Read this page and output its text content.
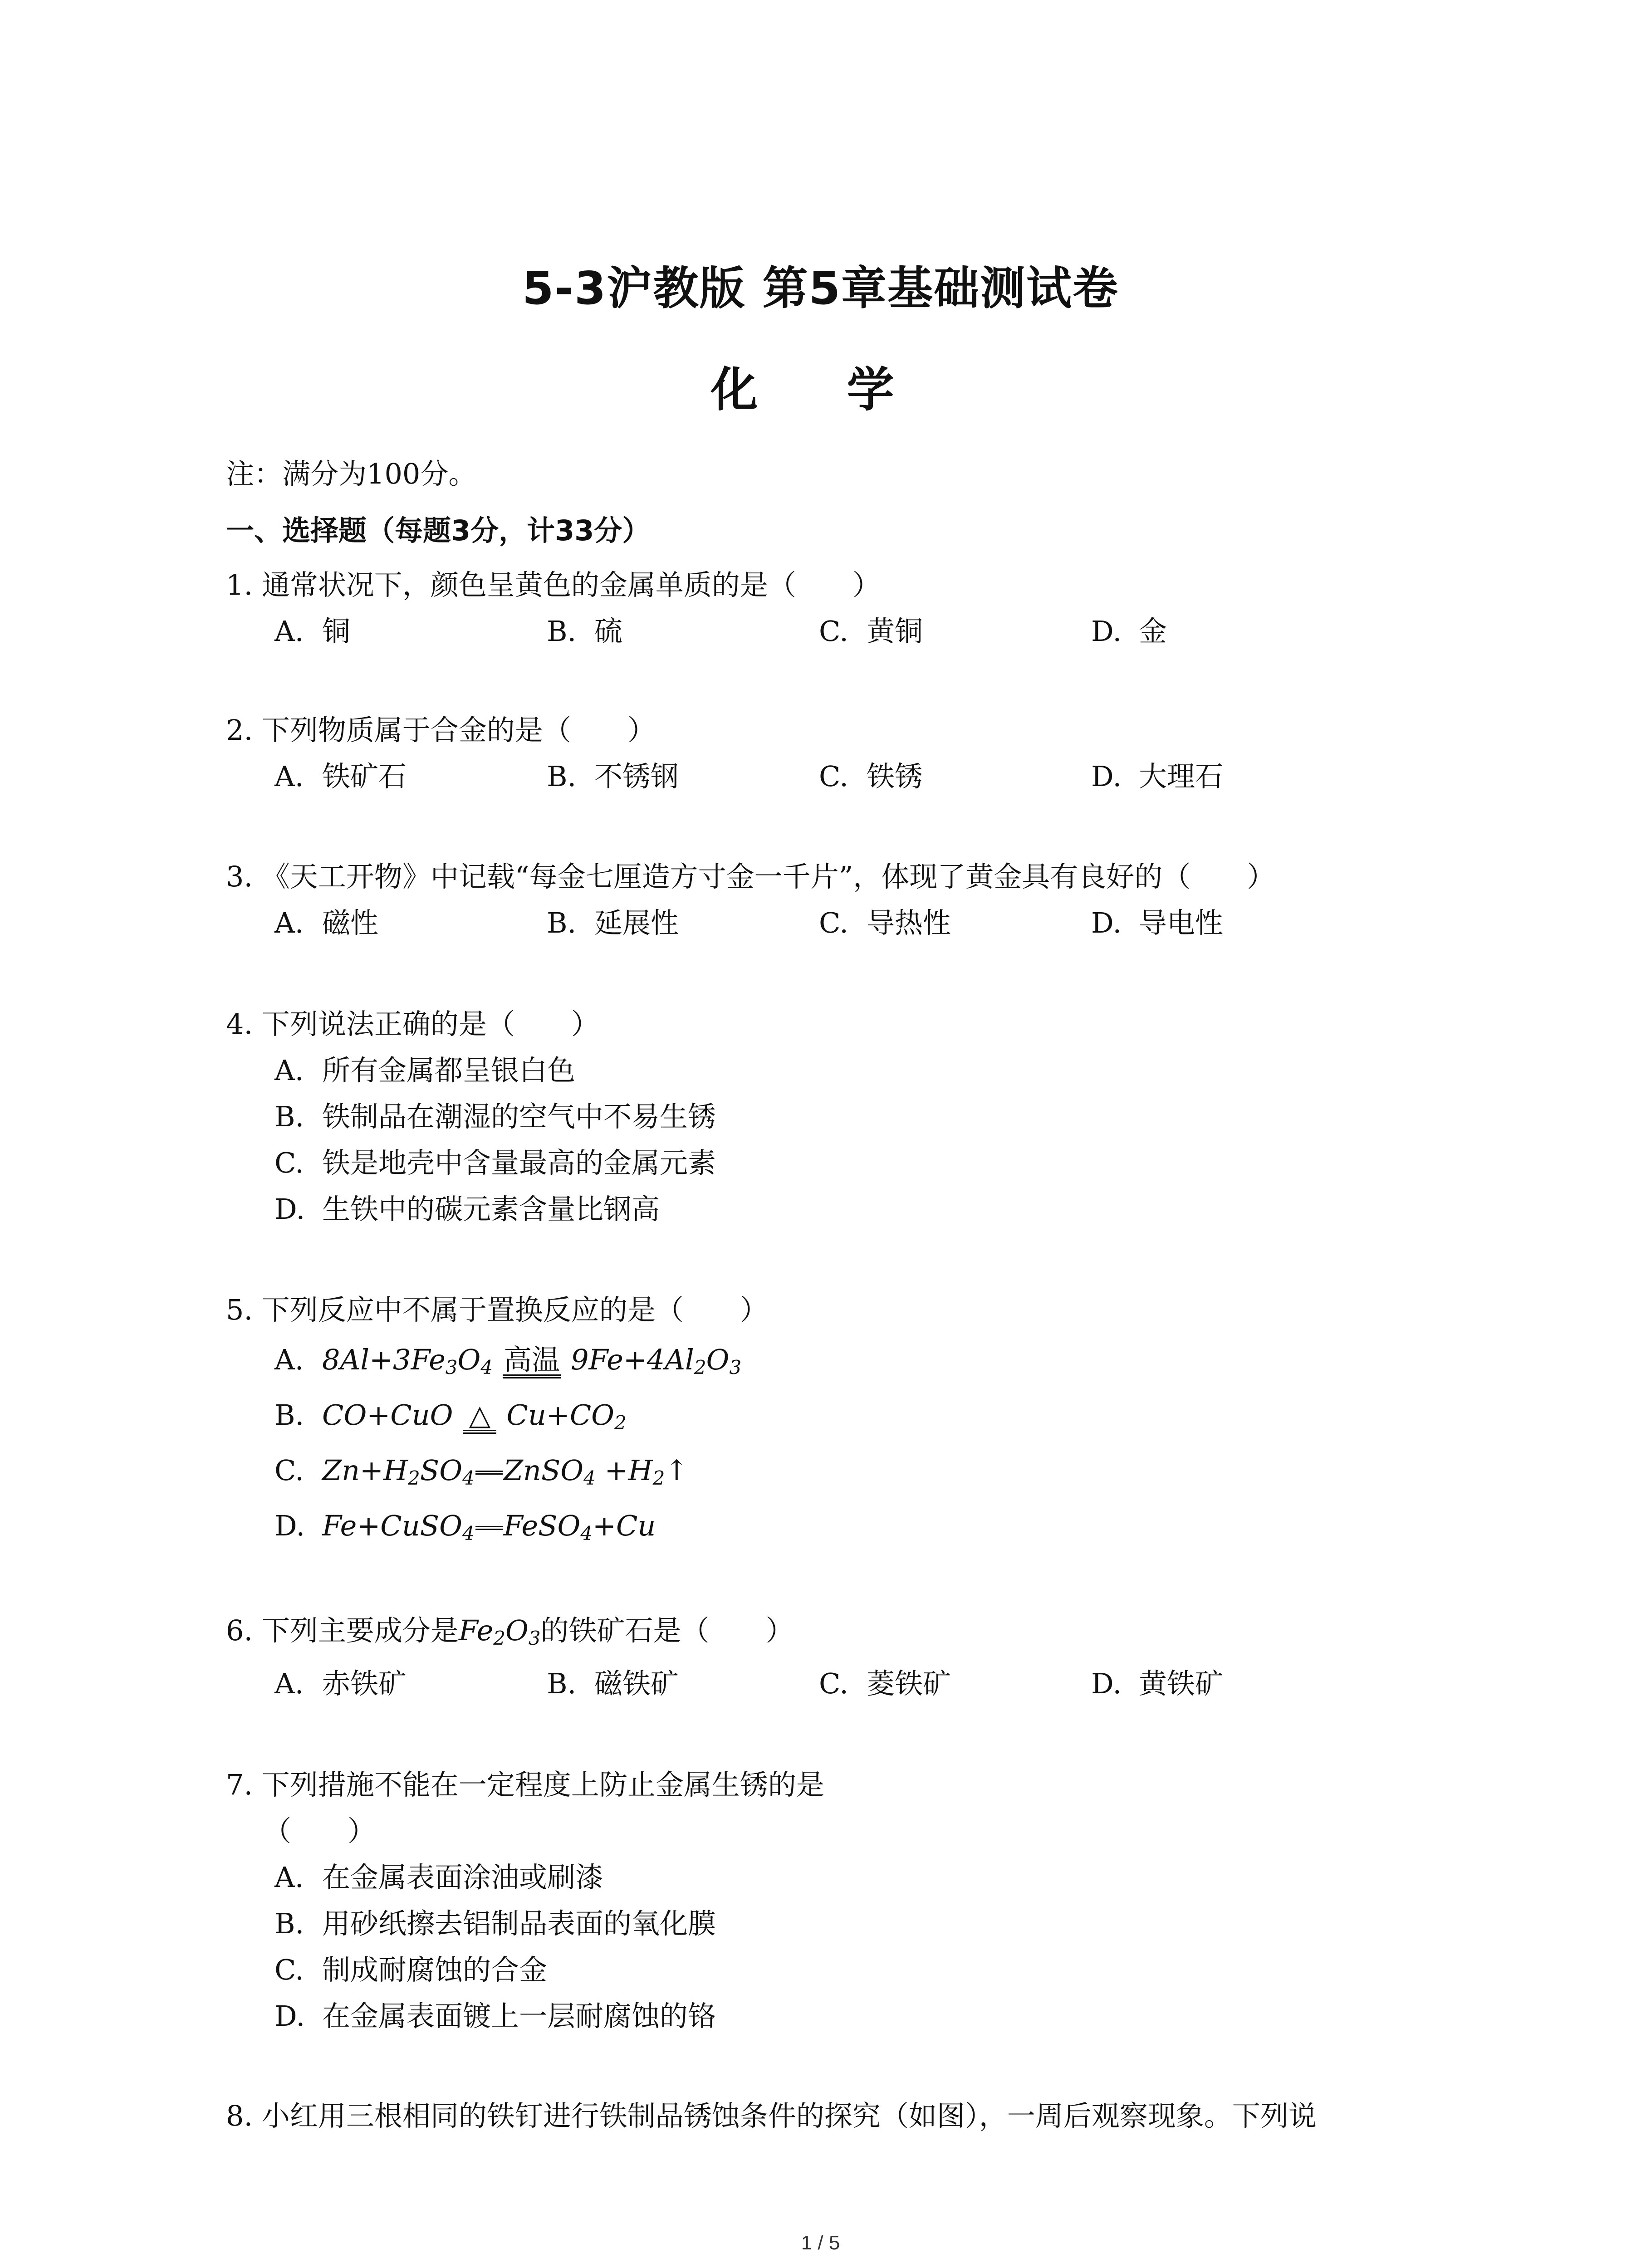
5-3沪教版 第5章基础测试卷
化 学
注：满分为100分。
一、选择题（每题3分，计33分）
1. 通常状况下，颜色呈黄色的金属单质的是（　　）
A. 铜	B. 硫	C. 黄铜	D. 金
2. 下列物质属于合金的是（　　）
A. 铁矿石	B. 不锈钢	C. 铁锈	D. 大理石
3. 《天工开物》中记载“每金七厘造方寸金一千片”，体现了黄金具有良好的（　　）
A. 磁性	B. 延展性	C. 导热性	D. 导电性
4. 下列说法正确的是（　　）
A. 所有金属都呈银白色
B. 铁制品在潮湿的空气中不易生锈
C. 铁是地壳中含量最高的金属元素
D. 生铁中的碳元素含量比钢高
5. 下列反应中不属于置换反应的是（　　）
A. $8Al+3Fe_3O_4$ 高温 $9Fe+4Al_2O_3$
B. CO+CuO △ $Cu+CO_2$
C. $Zn+H_2SO_4$ ZnSO$_4$ $+H_2↑$
D. Fe+CuSO$_4$ FeSO$_4$+Cu
6. 下列主要成分是$Fe_2O_3$的铁矿石是（　　）
A. 赤铁矿	B. 磁铁矿	C. 菱铁矿	D. 黄铁矿
7. 下列措施不能在一定程度上防止金属生锈的是
（　　）
A. 在金属表面涂油或刷漆
B. 用砂纸擦去铝制品表面的氧化膜
C. 制成耐腐蚀的合金
D. 在金属表面镀上一层耐腐蚀的铬
8. 小红用三根相同的铁钉进行铁制品锈蚀条件的探究（如图），一周后观察现象。下列说
1 / 5
